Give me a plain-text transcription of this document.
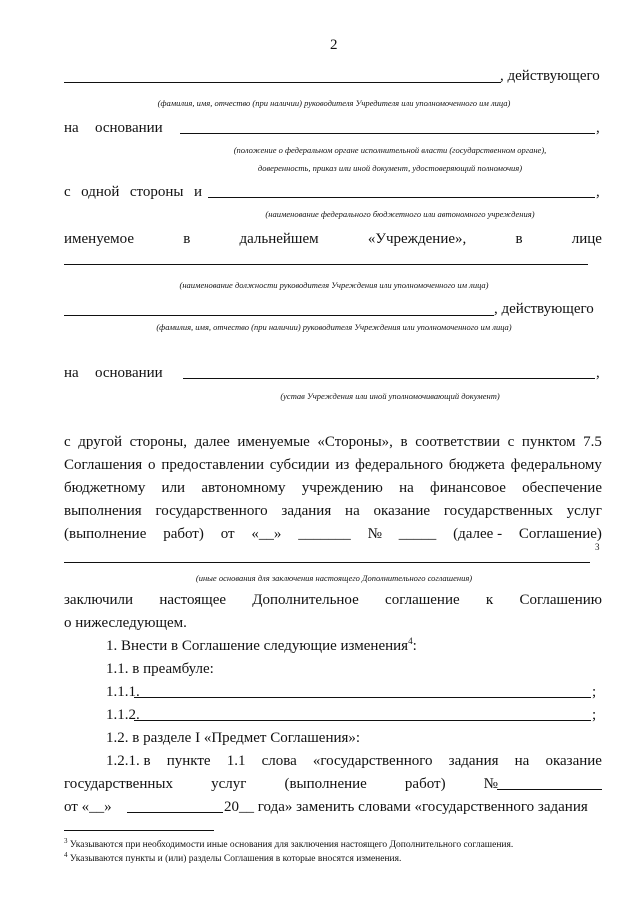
2
, действующего
(фамилия, имя, отчество (при наличии) руководителя Учредителя или уполномоченного им лица)
на основании	,
(положение о федеральном органе исполнительной власти (государственном органе),
доверенность, приказ или иной документ, удостоверяющий полномочия)
с одной стороны и	,
(наименование федерального бюджетного или автономного учреждения)
именуемое	в	дальнейшем	«Учреждение»,	в	лице
(наименование должности руководителя Учреждения или уполномоченного им лица)
, действующего
(фамилия, имя, отчество (при наличии) руководителя Учреждения или уполномоченного им лица)
на основании	,
(устав Учреждения или иной уполномочивающий документ)
с другой стороны, далее именуемые «Стороны», в соответствии с пунктом 7.5
Соглашения о предоставлении субсидии из федерального бюджета федеральному
бюджетному или автономному учреждению на финансовое обеспечение
выполнения государственного задания на оказание государственных услуг
(выполнение работ) от «__» _______ № _____ (далее - Соглашение)
3
(иные основания для заключения настоящего Дополнительного соглашения)
заключили настоящее Дополнительное соглашение к Соглашению
о нижеследующем.
1. Внести в Соглашение следующие изменения$^4$:
1.1. в преамбуле:
1.1.1.	;
1.1.2.	;
1.2. в разделе I «Предмет Соглашения»:
1.2.1. в пункте 1.1 слова «государственного задания на оказание
государственных	услуг	(выполнение	работ)	№
от «__»	20__ года» заменить словами «государственного задания
$^3$ Указываются при необходимости иные основания для заключения настоящего Дополнительного соглашения.
$^4$ Указываются пункты и (или) разделы Соглашения в которые вносятся изменения.
